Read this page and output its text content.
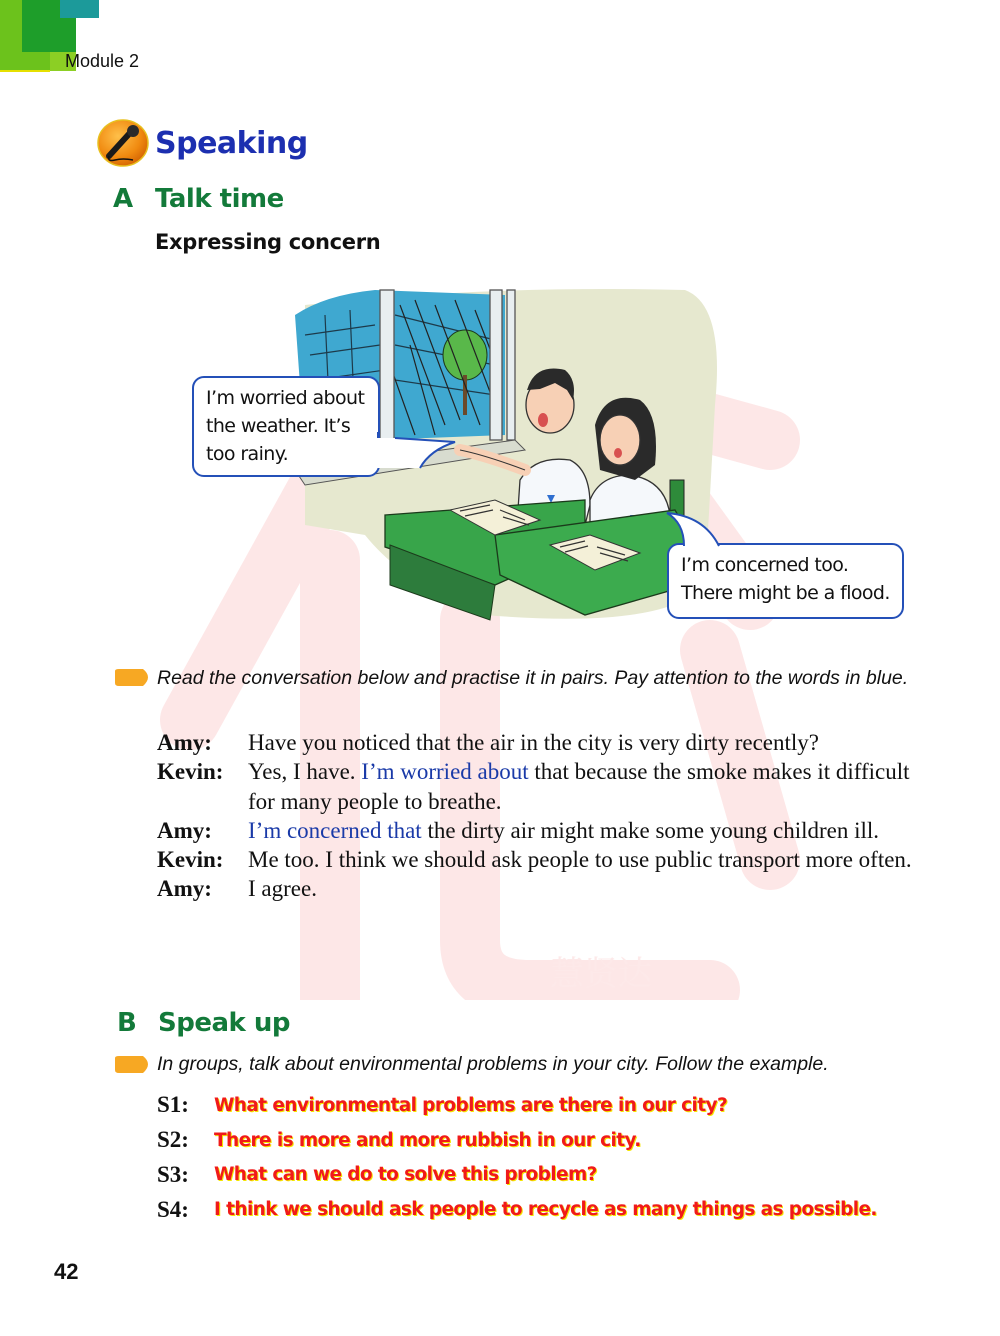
Module 2
慧贤达
Speaking
A Talk time
Expressing concern
I’m worried about
the weather. It’s
too rainy.
I’m concerned too.
There might be a flood.
Read the conversation below and practise it in pairs. Pay attention to the words in blue.
Amy:	Have you noticed that the air in the city is very dirty recently?
Kevin:	Yes, I have. I’m worried about that because the smoke makes it difficult for many people to breathe.
Amy:	I’m concerned that the dirty air might make some young children ill.
Kevin:	Me too. I think we should ask people to use public transport more often.
Amy:	I agree.
B Speak up
In groups, talk about environmental problems in your city. Follow the example.
S1:	What environmental problems are there in our city?
S2:	There is more and more rubbish in our city.
S3:	What can we do to solve this problem?
S4:	I think we should ask people to recycle as many things as possible.
42
